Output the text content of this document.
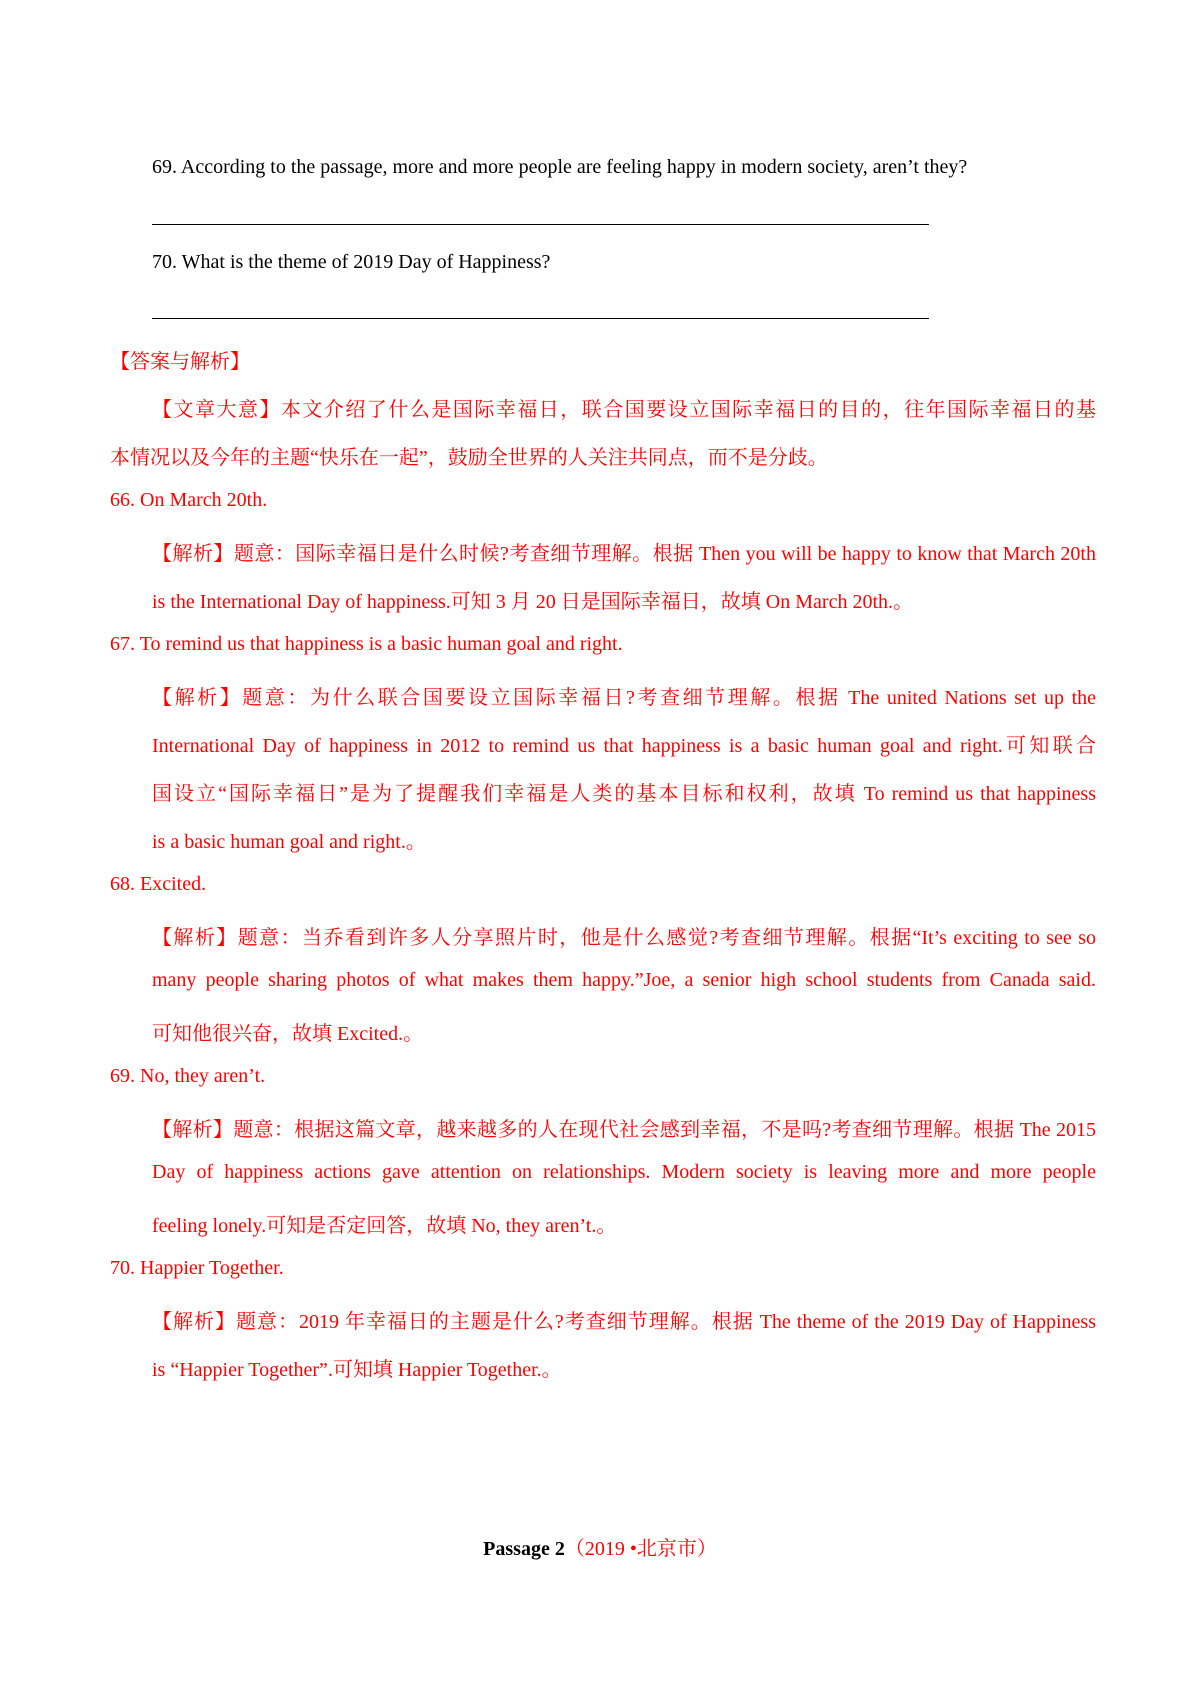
69. According to the passage, more and more people are feeling happy in modern society, aren’t they?
70. What is the theme of 2019 Day of Happiness?
【答案与解析】
【文章大意】本文介绍了什么是国际幸福日，联合国要设立国际幸福日的目的，往年国际幸福日的基
本情况以及今年的主题“快乐在一起”，鼓励全世界的人关注共同点，而不是分歧。
66. On March 20th.
【解析】题意：国际幸福日是什么时候?考查细节理解。根据 Then you will be happy to know that March 20th
is the International Day of happiness.可知 3 月 20 日是国际幸福日，故填 On March 20th.。
67. To remind us that happiness is a basic human goal and right.
【解析】题意：为什么联合国要设立国际幸福日?考查细节理解。根据 The united Nations set up the
International Day of happiness in 2012 to remind us that happiness is a basic human goal and right.可知联合
国设立“国际幸福日”是为了提醒我们幸福是人类的基本目标和权利，故填 To remind us that happiness
is a basic human goal and right.。
68. Excited.
【解析】题意：当乔看到许多人分享照片时，他是什么感觉?考查细节理解。根据“It’s exciting to see so
many people sharing photos of what makes them happy.”Joe, a senior high school students from Canada said.
可知他很兴奋，故填 Excited.。
69. No, they aren’t.
【解析】题意：根据这篇文章，越来越多的人在现代社会感到幸福，不是吗?考查细节理解。根据 The 2015
Day of happiness actions gave attention on relationships. Modern society is leaving more and more people
feeling lonely.可知是否定回答，故填 No, they aren’t.。
70. Happier Together.
【解析】题意：2019 年幸福日的主题是什么?考查细节理解。根据 The theme of the 2019 Day of Happiness
is “Happier Together”.可知填 Happier Together.。
Passage 2（2019 •北京市）
